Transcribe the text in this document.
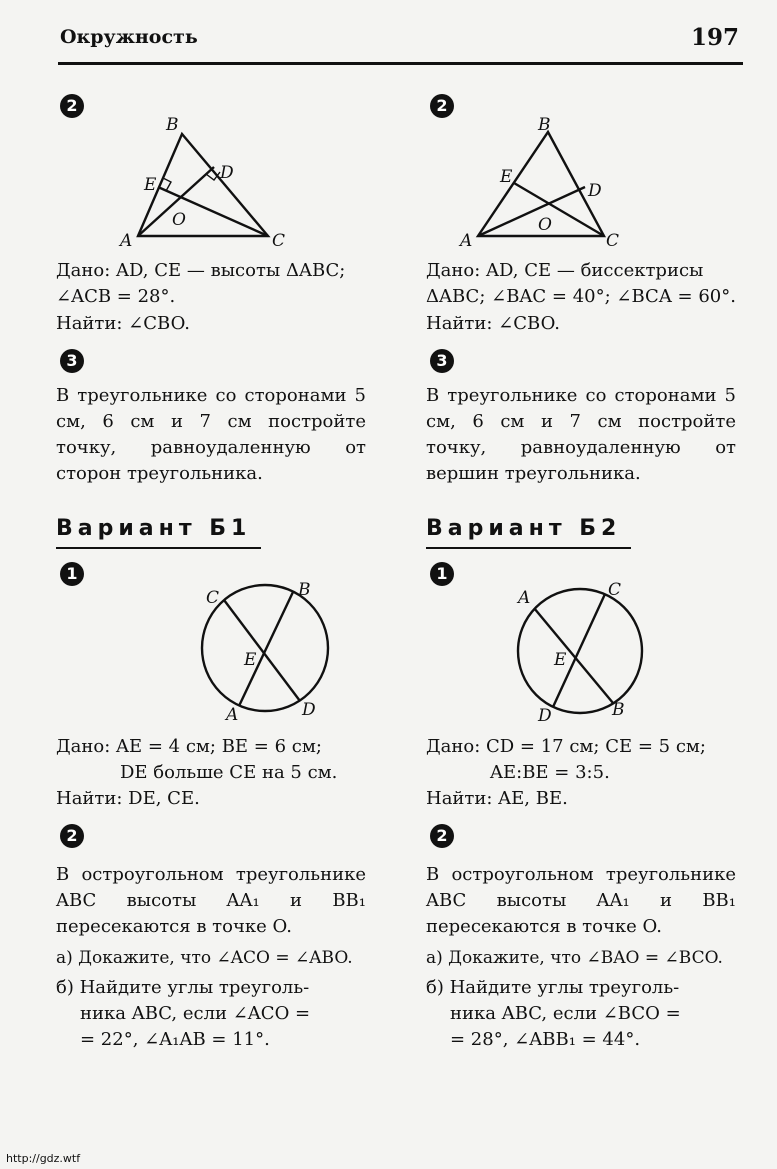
Окружность	197
2
B
E
D
O
A	C
Дано: AD, CE — высоты ΔABC;
∠ACB = 28°.
Найти: ∠CBO.
3
В треугольнике со сторонами 5 см, 6 см и 7 см постройте точку, равноудаленную от сторон треугольника.
Вариант Б1
1
C	B
E
A	D
Дано: AE = 4 см; BE = 6 см;
DE больше CE на 5 см.
Найти: DE, CE.
2
В остроугольном треугольнике ABC высоты AA₁ и BB₁ пересекаются в точке O.
а) Докажите, что ∠ACO = ∠ABO.
б) Найдите углы треуголь-
ника ABC, если ∠ACO =
= 22°, ∠A₁AB = 11°.
2
B
E
D
O
A	C
Дано: AD, CE — биссектрисы
ΔABC; ∠BAC = 40°; ∠BCA = 60°.
Найти: ∠CBO.
3
В треугольнике со сторонами 5 см, 6 см и 7 см постройте точку, равноудаленную от вершин треугольника.
Вариант Б2
1
A	C
E
D	B
Дано: CD = 17 см; CE = 5 см;
AE:BE = 3:5.
Найти: AE, BE.
2
В остроугольном треугольнике ABC высоты AA₁ и BB₁ пересекаются в точке O.
а) Докажите, что ∠BAO = ∠BCO.
б) Найдите углы треуголь-
ника ABC, если ∠BCO =
= 28°, ∠ABB₁ = 44°.
http://gdz.wtf
